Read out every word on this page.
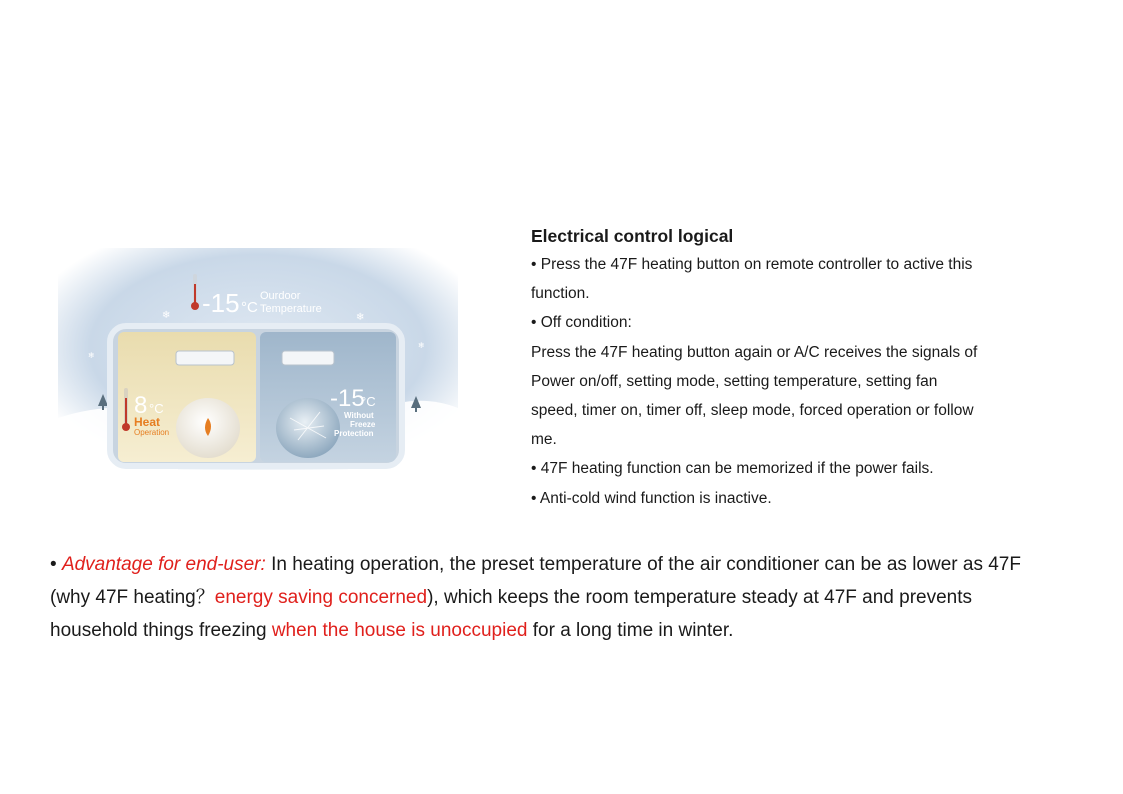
❄	❄
❄
❄
-15 °C
Ourdoor
Temperature
8 °C
Heat
Operation
-15
°C
Without
Freeze
Protection

Electrical control logical

• Press the 47F heating button on remote controller to active this

function.

• Off condition:

Press the 47F heating button again or A/C receives the signals of

Power on/off, setting mode, setting temperature, setting fan

speed, timer on, timer off, sleep mode, forced operation or follow

me.

• 47F heating function can be memorized if the power fails.

• Anti-cold wind function is inactive.

• Advantage for end-user: In heating operation, the preset temperature of the air conditioner can be as lower as 47F (why 47F heating？energy saving concerned), which keeps the room temperature steady at 47F and prevents household things freezing when the house is unoccupied for a long time in winter.
